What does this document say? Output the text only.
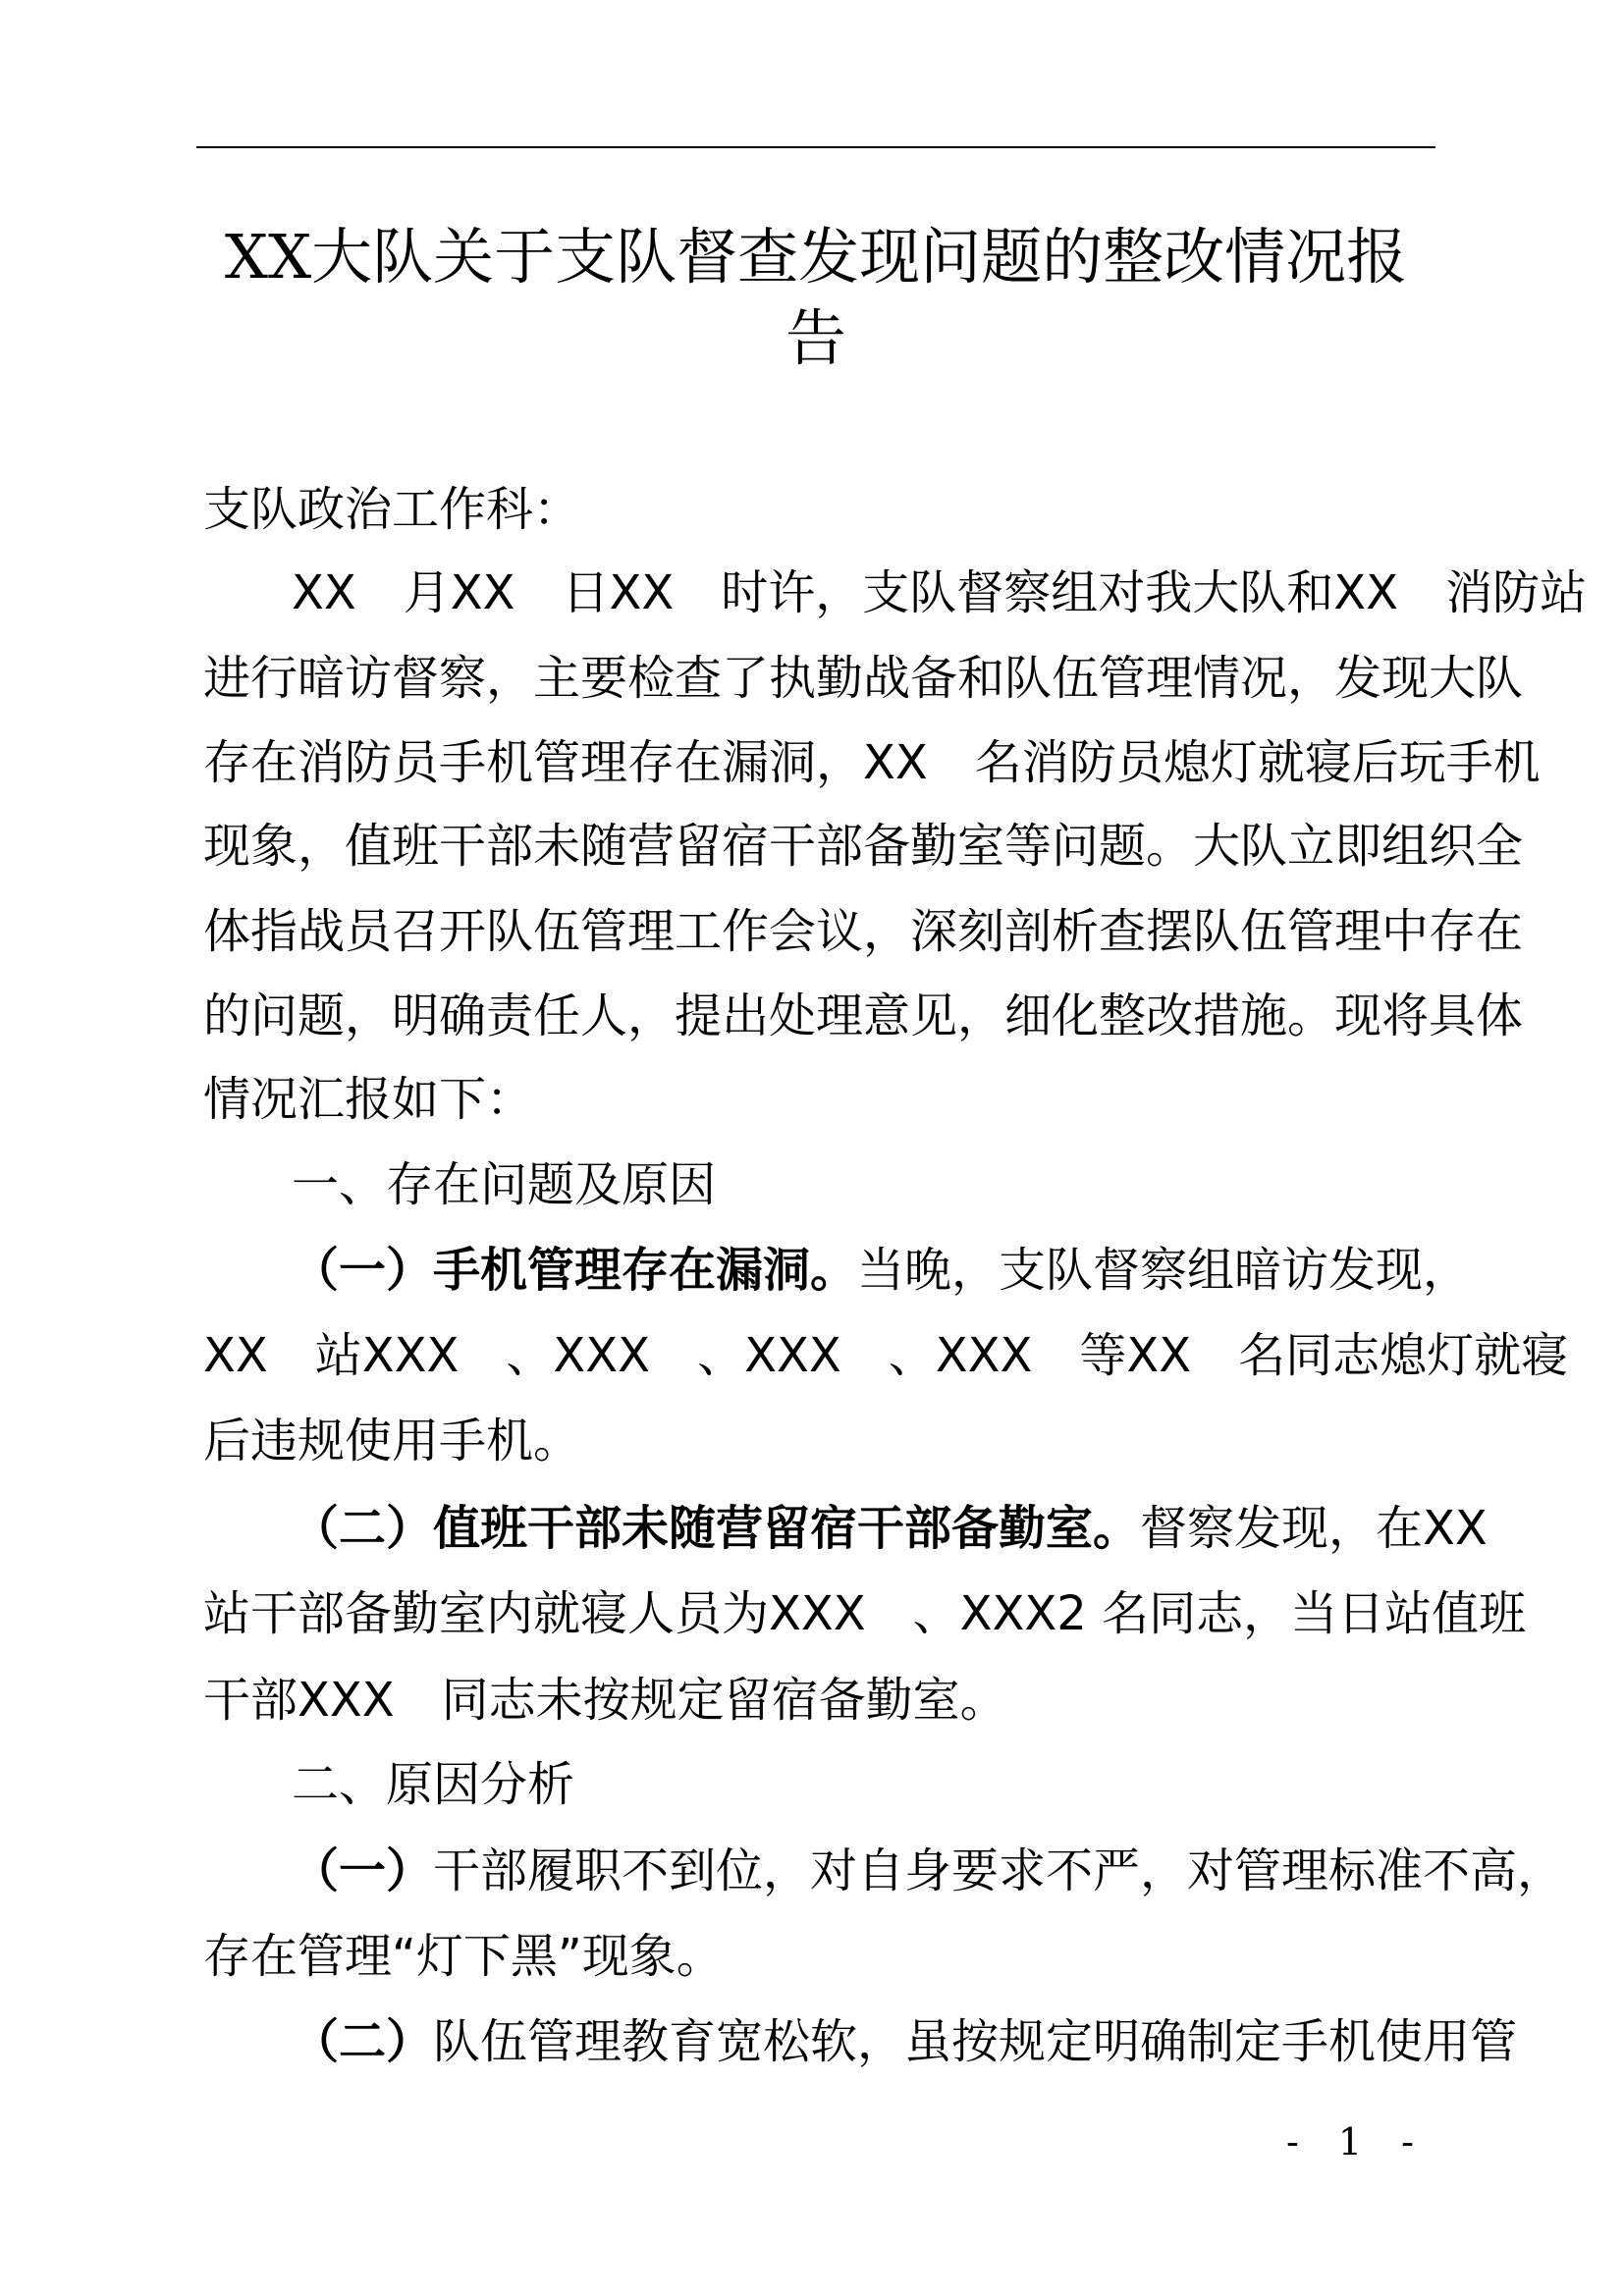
XX大队关于支队督查发现问题的整改情况报
告
支队政治工作科：
XX　月XX　日XX　时许，支队督察组对我大队和XX　消防站
进行暗访督察，主要检查了执勤战备和队伍管理情况，发现大队
存在消防员手机管理存在漏洞，XX　名消防员熄灯就寝后玩手机
现象，值班干部未随营留宿干部备勤室等问题。大队立即组织全
体指战员召开队伍管理工作会议，深刻剖析查摆队伍管理中存在
的问题，明确责任人，提出处理意见，细化整改措施。现将具体
情况汇报如下：
一、存在问题及原因
（一）手机管理存在漏洞。当晚，支队督察组暗访发现，
XX　站XXX　、XXX　、XXX　、XXX　等XX　名同志熄灯就寝
后违规使用手机。
（二）值班干部未随营留宿干部备勤室。督察发现，在XX
站干部备勤室内就寝人员为XXX　、XXX2 名同志，当日站值班
干部XXX　同志未按规定留宿备勤室。
二、原因分析
（一）干部履职不到位，对自身要求不严，对管理标准不高，
存在管理“灯下黑”现象。
（二）队伍管理教育宽松软，虽按规定明确制定手机使用管
- 1 -
